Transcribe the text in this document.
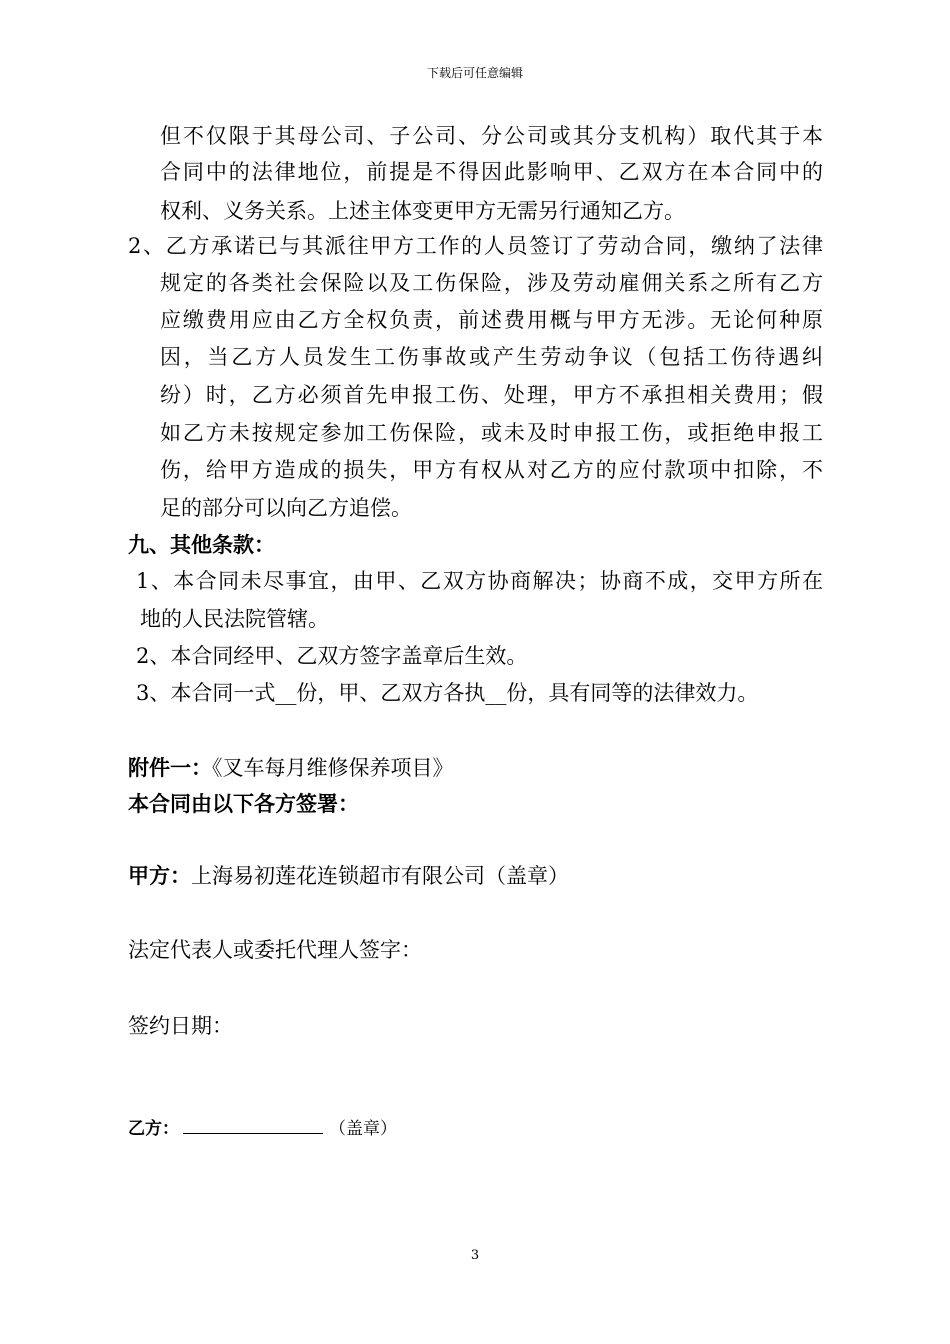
下载后可任意编辑
但不仅限于其母公司、子公司、分公司或其分支机构）取代其于本
合同中的法律地位，前提是不得因此影响甲、乙双方在本合同中的
权利、义务关系。上述主体变更甲方无需另行通知乙方。
2、乙方承诺已与其派往甲方工作的人员签订了劳动合同，缴纳了法律
规定的各类社会保险以及工伤保险，涉及劳动雇佣关系之所有乙方
应缴费用应由乙方全权负责，前述费用概与甲方无涉。无论何种原
因，当乙方人员发生工伤事故或产生劳动争议（包括工伤待遇纠
纷）时，乙方必须首先申报工伤、处理，甲方不承担相关费用；假
如乙方未按规定参加工伤保险，或未及时申报工伤，或拒绝申报工
伤，给甲方造成的损失，甲方有权从对乙方的应付款项中扣除，不
足的部分可以向乙方追偿。
九、其他条款：
1、本合同未尽事宜，由甲、乙双方协商解决；协商不成，交甲方所在
地的人民法院管辖。
2、本合同经甲、乙双方签字盖章后生效。
3、本合同一式__份，甲、乙双方各执__份，具有同等的法律效力。
附件一：《叉车每月维修保养项目》
本合同由以下各方签署：
甲方：上海易初莲花连锁超市有限公司（盖章）
法定代表人或委托代理人签字：
签约日期：
乙方：	（盖章）
3
